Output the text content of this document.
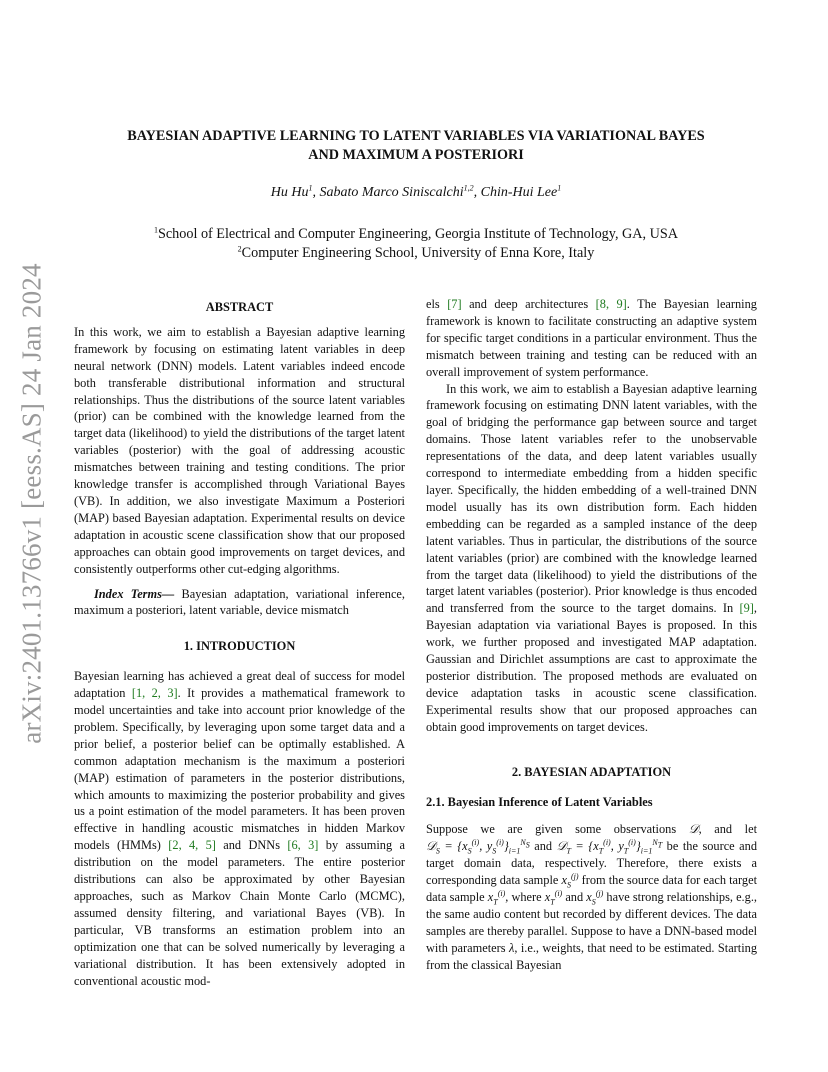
arXiv:2401.13766v1 [eess.AS] 24 Jan 2024
BAYESIAN ADAPTIVE LEARNING TO LATENT VARIABLES VIA VARIATIONAL BAYES
AND MAXIMUM A POSTERIORI
Hu Hu$^1$, Sabato Marco Siniscalchi$^{1,2}$, Chin-Hui Lee$^1$
$^1$School of Electrical and Computer Engineering, Georgia Institute of Technology, GA, USA
$^2$Computer Engineering School, University of Enna Kore, Italy

ABSTRACT

In this work, we aim to establish a Bayesian adaptive learning framework by focusing on estimating latent variables in deep neural network (DNN) models. Latent variables indeed encode both transferable distributional information and structural relationships. Thus the distributions of the source latent variables (prior) can be combined with the knowledge learned from the target data (likelihood) to yield the distributions of the target latent variables (posterior) with the goal of addressing acoustic mismatches between training and testing conditions. The prior knowledge transfer is accomplished through Variational Bayes (VB). In addition, we also investigate Maximum a Posteriori (MAP) based Bayesian adaptation. Experimental results on device adaptation in acoustic scene classification show that our proposed approaches can obtain good improvements on target devices, and consistently outperforms other cut-edging algorithms.

Index Terms— Bayesian adaptation, variational inference, maximum a posteriori, latent variable, device mismatch

1. INTRODUCTION

Bayesian learning has achieved a great deal of success for model adaptation [1, 2, 3]. It provides a mathematical framework to model uncertainties and take into account prior knowledge of the problem. Specifically, by leveraging upon some target data and a prior belief, a posterior belief can be optimally established. A common adaptation mechanism is the maximum a posteriori (MAP) estimation of parameters in the posterior distributions, which amounts to maximizing the posterior probability and gives us a point estimation of the model parameters. It has been proven effective in handling acoustic mismatches in hidden Markov models (HMMs) [2, 4, 5] and DNNs [6, 3] by assuming a distribution on the model parameters. The entire posterior distributions can also be approximated by other Bayesian approaches, such as Markov Chain Monte Carlo (MCMC), assumed density filtering, and variational Bayes (VB). In particular, VB transforms an estimation problem into an optimization one that can be solved numerically by leveraging a variational distribution. It has been extensively adopted in conventional acoustic mod-

els [7] and deep architectures [8, 9]. The Bayesian learning framework is known to facilitate constructing an adaptive system for specific target conditions in a particular environment. Thus the mismatch between training and testing can be reduced with an overall improvement of system performance.

In this work, we aim to establish a Bayesian adaptive learning framework focusing on estimating DNN latent variables, with the goal of bridging the performance gap between source and target domains. Those latent variables refer to the unobservable representations of the data, and deep latent variables usually correspond to intermediate embedding from a hidden specific layer. Specifically, the hidden embedding of a well-trained DNN model usually has its own distribution form. Each hidden embedding can be regarded as a sampled instance of the deep latent variables. Thus in particular, the distributions of the source latent variables (prior) are combined with the knowledge learned from the target data (likelihood) to yield the distributions of the target latent variables (posterior). Prior knowledge is thus encoded and transferred from the source to the target domains. In [9], Bayesian adaptation via variational Bayes is proposed. In this work, we further proposed and investigated MAP adaptation. Gaussian and Dirichlet assumptions are cast to approximate the posterior distribution. The proposed methods are evaluated on device adaptation tasks in acoustic scene classification. Experimental results show that our proposed approaches can obtain good improvements on target devices.

2. BAYESIAN ADAPTATION

2.1. Bayesian Inference of Latent Variables

Suppose we are given some observations 𝒟, and let 𝒟$_S$ = {$x_S^{(i)}$, $y_S^{(i)}\}_{i=1}^{N_S}$ and 𝒟$_T$ = {$x_T^{(i)}$, $y_T^{(i)}\}_{i=1}^{N_T}$ be the source and target domain data, respectively. Therefore, there exists a corresponding data sample $x_S^{(j)}$ from the source data for each target data sample $x_T^{(i)}$, where $x_T^{(i)}$ and $x_S^{(j)}$ have strong relationships, e.g., the same audio content but recorded by different devices. The data samples are thereby parallel. Suppose to have a DNN-based model with parameters λ, i.e., weights, that need to be estimated. Starting from the classical Bayesian
